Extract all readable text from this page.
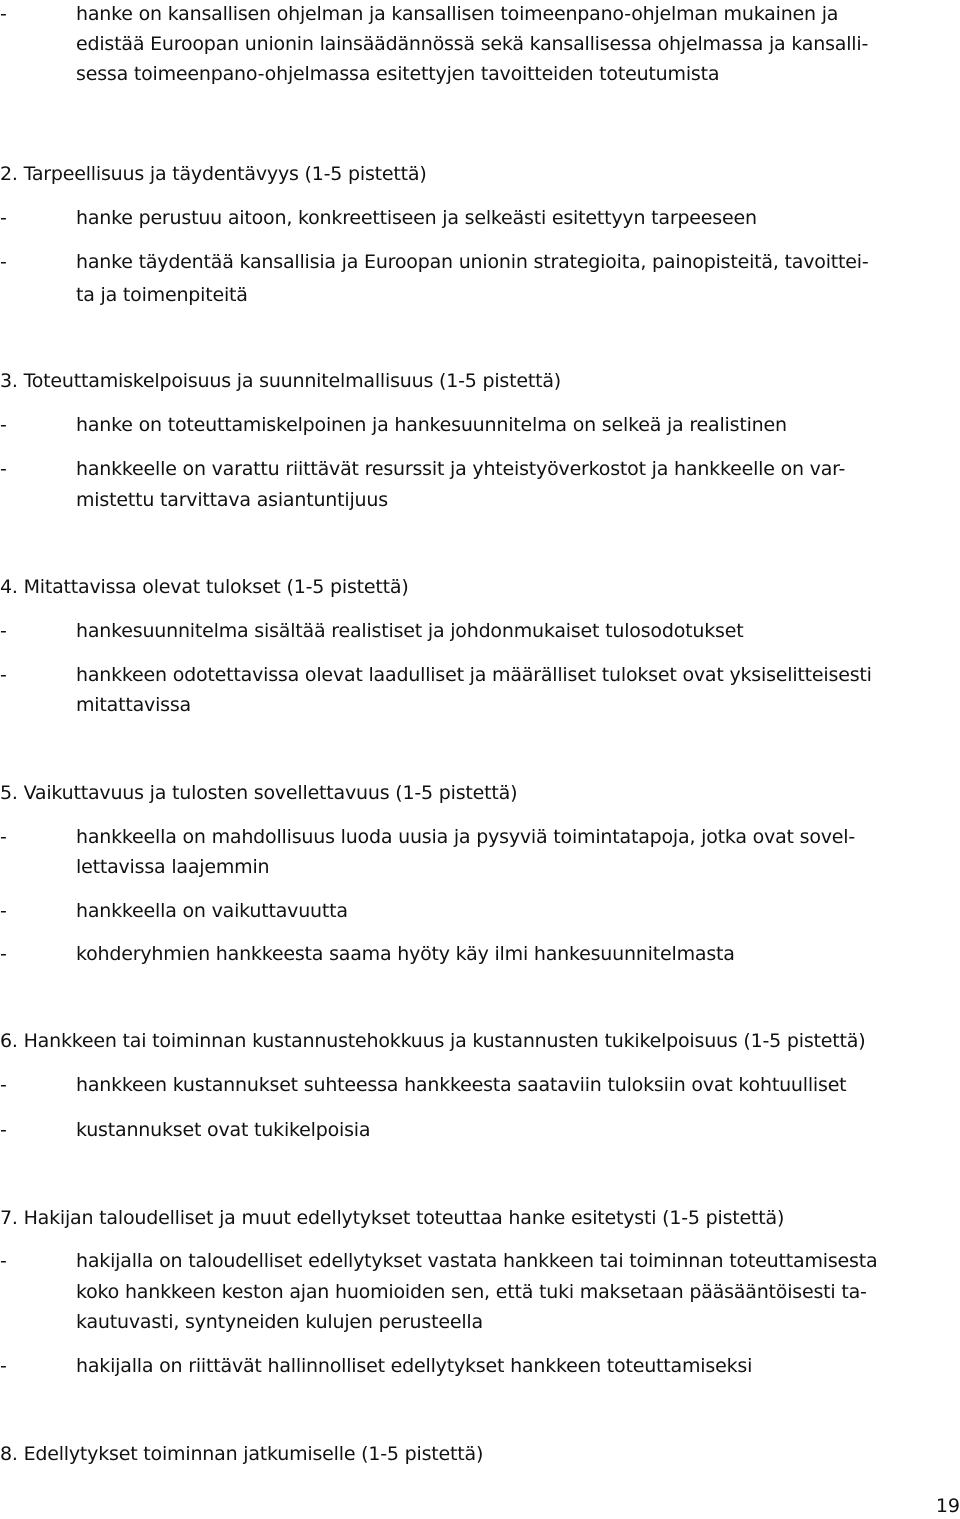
-	hanke on kansallisen ohjelman ja kansallisen toimeenpano-ohjelman mukainen ja
edistää Euroopan unionin lainsäädännössä sekä kansallisessa ohjelmassa ja kansalli-
sessa toimeenpano-ohjelmassa esitettyjen tavoitteiden toteutumista
2. Tarpeellisuus ja täydentävyys (1-5 pistettä)
-	hanke perustuu aitoon, konkreettiseen ja selkeästi esitettyyn tarpeeseen
-	hanke täydentää kansallisia ja Euroopan unionin strategioita, painopisteitä, tavoittei-
ta ja toimenpiteitä
3. Toteuttamiskelpoisuus ja suunnitelmallisuus (1-5 pistettä)
-	hanke on toteuttamiskelpoinen ja hankesuunnitelma on selkeä ja realistinen
-	hankkeelle on varattu riittävät resurssit ja yhteistyöverkostot ja hankkeelle on var-
mistettu tarvittava asiantuntijuus
4. Mitattavissa olevat tulokset (1-5 pistettä)
-	hankesuunnitelma sisältää realistiset ja johdonmukaiset tulosodotukset
-	hankkeen odotettavissa olevat laadulliset ja määrälliset tulokset ovat yksiselitteisesti
mitattavissa
5. Vaikuttavuus ja tulosten sovellettavuus (1-5 pistettä)
-	hankkeella on mahdollisuus luoda uusia ja pysyviä toimintatapoja, jotka ovat sovel-
lettavissa laajemmin
-	hankkeella on vaikuttavuutta
-	kohderyhmien hankkeesta saama hyöty käy ilmi hankesuunnitelmasta
6. Hankkeen tai toiminnan kustannustehokkuus ja kustannusten tukikelpoisuus (1-5 pistettä)
-	hankkeen kustannukset suhteessa hankkeesta saataviin tuloksiin ovat kohtuulliset
-	kustannukset ovat tukikelpoisia
7. Hakijan taloudelliset ja muut edellytykset toteuttaa hanke esitetysti (1-5 pistettä)
-	hakijalla on taloudelliset edellytykset vastata hankkeen tai toiminnan toteuttamisesta
koko hankkeen keston ajan huomioiden sen, että tuki maksetaan pääsääntöisesti ta-
kautuvasti, syntyneiden kulujen perusteella
-	hakijalla on riittävät hallinnolliset edellytykset hankkeen toteuttamiseksi
8. Edellytykset toiminnan jatkumiselle (1-5 pistettä)
19
